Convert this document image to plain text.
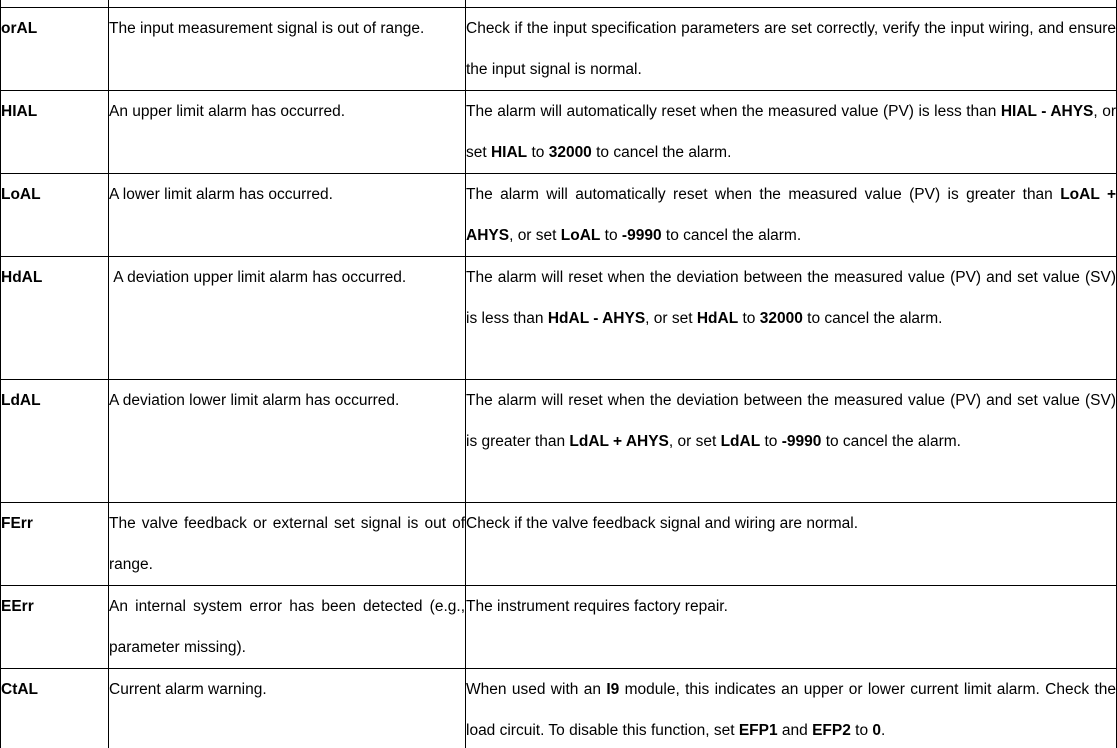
orAL	The input measurement signal is out of range.	Check if the input specification parameters are set correctly, verify the input wiring, and ensure the input signal is normal.
HIAL	An upper limit alarm has occurred.	The alarm will automatically reset when the measured value (PV) is less than HIAL - AHYS, or set HIAL to 32000 to cancel the alarm.
LoAL	A lower limit alarm has occurred.	The alarm will automatically reset when the measured value (PV) is greater than LoAL + AHYS, or set LoAL to -9990 to cancel the alarm.
HdAL	A deviation upper limit alarm has occurred.	The alarm will reset when the deviation between the measured value (PV) and set value (SV) is less than HdAL - AHYS, or set HdAL to 32000 to cancel the alarm.
LdAL	A deviation lower limit alarm has occurred.	The alarm will reset when the deviation between the measured value (PV) and set value (SV) is greater than LdAL + AHYS, or set LdAL to -9990 to cancel the alarm.
FErr	The valve feedback or external set signal is out of range.	Check if the valve feedback signal and wiring are normal.
EErr	An internal system error has been detected (e.g., parameter missing).	The instrument requires factory repair.
CtAL	Current alarm warning.	When used with an I9 module, this indicates an upper or lower current limit alarm. Check the load circuit. To disable this function, set EFP1 and EFP2 to 0.
